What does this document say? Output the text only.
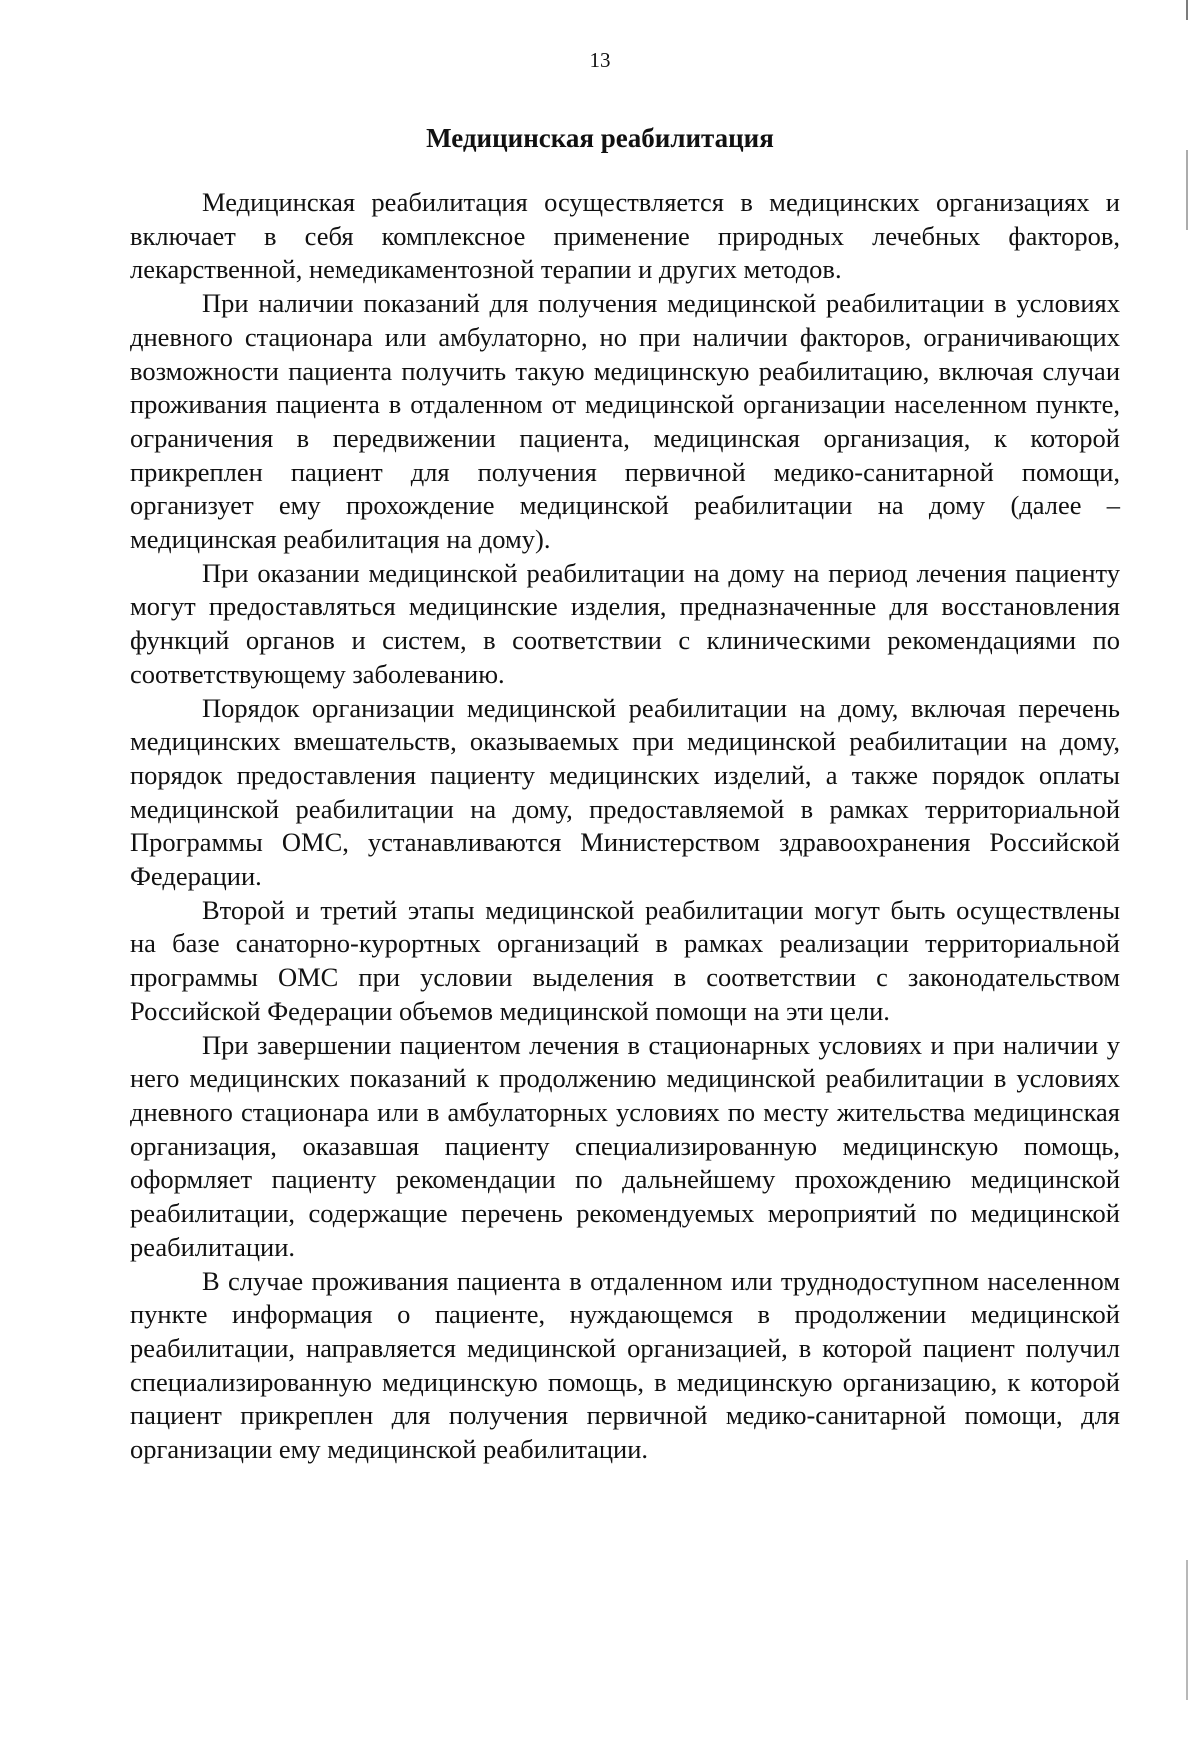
13
Медицинская реабилитация

Медицинская реабилитация осуществляется в медицинских организациях и включает в себя комплексное применение природных лечебных факторов, лекарственной, немедикаментозной терапии и других методов.

При наличии показаний для получения медицинской реабилитации в условиях дневного стационара или амбулаторно, но при наличии факторов, ограничивающих возможности пациента получить такую медицинскую реабилитацию, включая случаи проживания пациента в отдаленном от медицинской организации населенном пункте, ограничения в передвижении пациента, медицинская организация, к которой прикреплен пациент для получения первичной медико-санитарной помощи, организует ему прохождение медицинской реабилитации на дому (далее – медицинская реабилитация на дому).

При оказании медицинской реабилитации на дому на период лечения пациенту могут предоставляться медицинские изделия, предназначенные для восстановления функций органов и систем, в соответствии с клиническими рекомендациями по соответствующему заболеванию.

Порядок организации медицинской реабилитации на дому, включая перечень медицинских вмешательств, оказываемых при медицинской реабилитации на дому, порядок предоставления пациенту медицинских изделий, а также порядок оплаты медицинской реабилитации на дому, предоставляемой в рамках территориальной Программы ОМС, устанавливаются Министерством здравоохранения Российской Федерации.

Второй и третий этапы медицинской реабилитации могут быть осуществлены на базе санаторно-курортных организаций в рамках реализации территориальной программы ОМС при условии выделения в соответствии с законодательством Российской Федерации объемов медицинской помощи на эти цели.

При завершении пациентом лечения в стационарных условиях и при наличии у него медицинских показаний к продолжению медицинской реабилитации в условиях дневного стационара или в амбулаторных условиях по месту жительства медицинская организация, оказавшая пациенту специализированную медицинскую помощь, оформляет пациенту рекомендации по дальнейшему прохождению медицинской реабилитации, содержащие перечень рекомендуемых мероприятий по медицинской реабилитации.

В случае проживания пациента в отдаленном или труднодоступном населенном пункте информация о пациенте, нуждающемся в продолжении медицинской реабилитации, направляется медицинской организацией, в которой пациент получил специализированную медицинскую помощь, в медицинскую организацию, к которой пациент прикреплен для получения первичной медико-санитарной помощи, для организации ему медицинской реабилитации.
